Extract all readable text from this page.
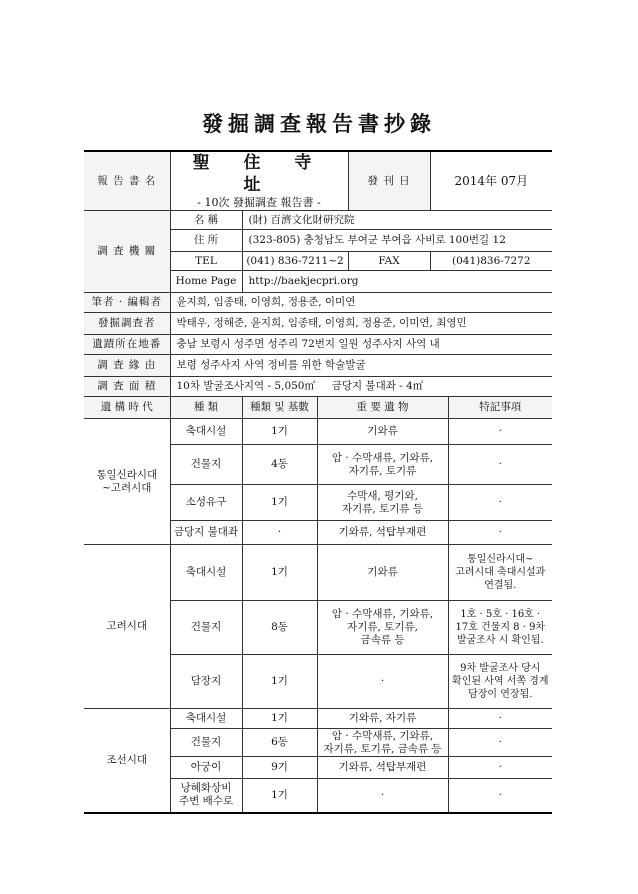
發掘調查報告書抄錄
報 告 書 名	聖 住 寺 址
- 10次 發掘調查 報告書 -			發 刊 日	2014年 07月	
調 査 機 關	名 稱	(財) 百濟文化財硏究院				
	住 所	(323-805) 충청남도 부여군 부여읍 사비로 100번길 12				
	TEL	(041) 836-7211~2		FAX	(041)836-7272	
	Home Page	http://baekjecpri.org				
筆者 · 編輯者	윤지희, 임종태, 이영희, 정용준, 이미연					
發掘調査者	박태우, 정해준, 윤지희, 임종태, 이영희, 정용준, 이미연, 최영민					
遺蹟所在地番	충남 보령시 성주면 성주리 72번지 일원 성주사지 사역 내					
調 査 緣 由	보령 성주사지 사역 정비를 위한 학술발굴					
調 査 面 積	10차 발굴조사지역 - 5,050㎡     금당지 불대좌 - 4㎡					
遺 構 時 代	種 類	種類 및 基數	重 要 遺 物			特記事項
통일신라시대
~고려시대	축대시설	1기	기와류			·
	건물지	4동	암 · 수막새류, 기와류,
자기류, 토기류			·
	소성유구	1기	수막새, 평기와,
자기류, 토기류 등			·
	금당지 불대좌	·	기와류, 석탑부재편			·
고려시대	축대시설	1기	기와류			통일신라시대~
고려시대 축대시설과
연결됨.
	건물지	8동	암 · 수막새류, 기와류,
자기류, 토기류,
금속류 등			1호 · 5호 · 16호 ·
17호 건물지 8 · 9차
발굴조사 시 확인됨.
	담장지	1기	·			9차 발굴조사 당시
확인된 사역 서쪽 경계
담장이 연장됨.
조선시대	축대시설	1기	기와류, 자기류			·
	건물지	6동	암 · 수막새류, 기와류,
자기류, 토기류, 금속류 등			·
	아궁이	9기	기와류, 석탑부재편			·
	낭혜화상비
주변 배수로	1기	·			·
